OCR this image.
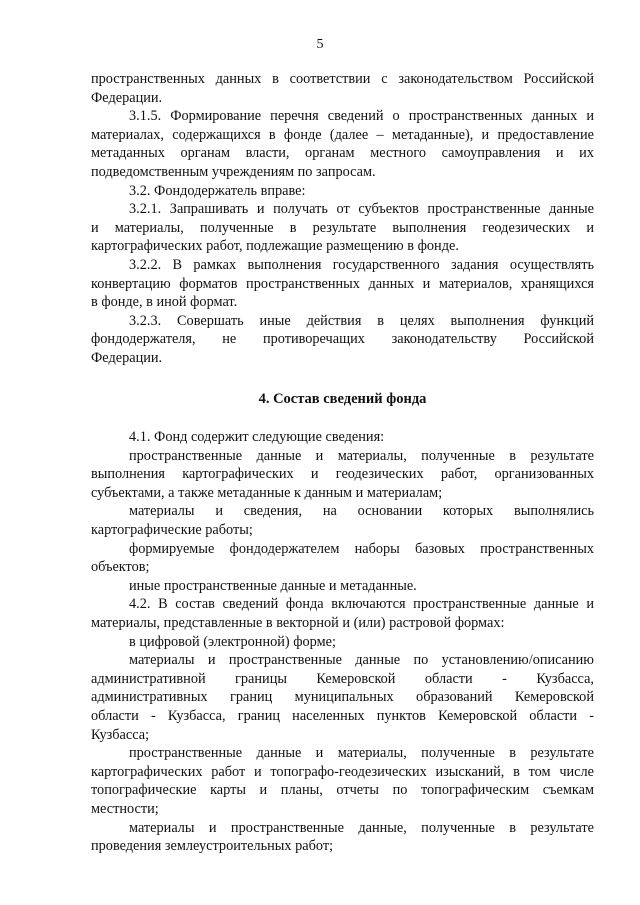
5
пространственных данных в соответствии с законодательством Российской
Федерации.
3.1.5. Формирование перечня сведений о пространственных данных и
материалах, содержащихся в фонде (далее – метаданные), и предоставление
метаданных органам власти, органам местного самоуправления и их
подведомственным учреждениям по запросам.
3.2. Фондодержатель вправе:
3.2.1. Запрашивать и получать от субъектов пространственные данные
и материалы, полученные в результате выполнения геодезических и
картографических работ, подлежащие размещению в фонде.
3.2.2. В рамках выполнения государственного задания осуществлять
конвертацию форматов пространственных данных и материалов, хранящихся
в фонде, в иной формат.
3.2.3. Совершать иные действия в целях выполнения функций
фондодержателя, не противоречащих законодательству Российской
Федерации.
4. Состав сведений фонда
4.1. Фонд содержит следующие сведения:
пространственные данные и материалы, полученные в результате
выполнения картографических и геодезических работ, организованных
субъектами, а также метаданные к данным и материалам;
материалы и сведения, на основании которых выполнялись
картографические работы;
формируемые фондодержателем наборы базовых пространственных
объектов;
иные пространственные данные и метаданные.
4.2. В состав сведений фонда включаются пространственные данные и
материалы, представленные в векторной и (или) растровой формах:
в цифровой (электронной) форме;
материалы и пространственные данные по установлению/описанию
административной границы Кемеровской области - Кузбасса,
административных границ муниципальных образований Кемеровской
области - Кузбасса, границ населенных пунктов Кемеровской области -
Кузбасса;
пространственные данные и материалы, полученные в результате
картографических работ и топографо-геодезических изысканий, в том числе
топографические карты и планы, отчеты по топографическим съемкам
местности;
материалы и пространственные данные, полученные в результате
проведения землеустроительных работ;
